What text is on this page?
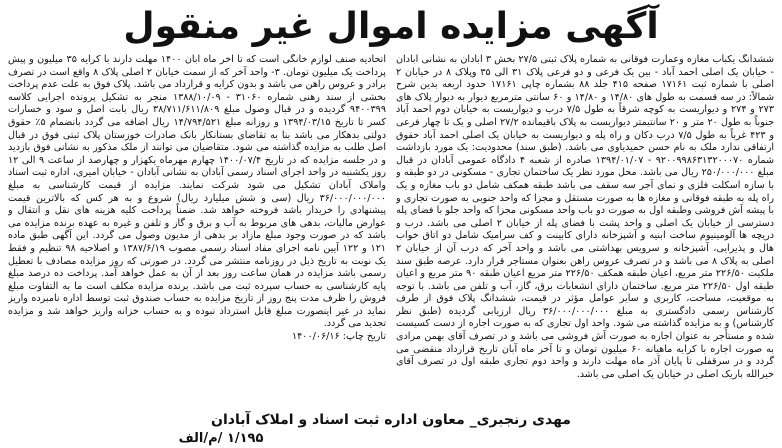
آگهی مزایده اموال غیر منقول

ششدانگ یکباب مغازه وعمارت فوقانی به شماره پلاک ثبتی ۲۷/۵ بخش ۳ آبادان به نشانی آبادان - خیابان یک اصلی احمد آباد - بین یک فرعی و دو فرعی پلاک ۳۱ الی ۳۵ وپلاک ۸ در خیابان ۲ اصلی با شماره ثبت ۱۷۱۶۱ صفحه ۴۱۵ جلد ۸۸ بشماره چاپی ۱۷۱۶۱ حدود اربعه بدین شرح شمالاً: در سه قسمت به طول های ۱۴/۸۰ و ۱۴/۸۰ و ۶۰ سانتی مترمربع دیوار به دیوار پلاک های ۲۷۳ و ۲۷۴ و دیواریست به کوچه شرقاً به طول ۷/۵ درب و دیواریست به خیابان دوم احمد آباد جنوباً به طول ۲۰ متر و ۲۰ سانتیمتر دیواریست به پلاک باقیمانده ۲۷/۲ اصلی و یک تا چهار فرعی و ۴۲۳ غرباً به طول ۷/۵ درب دکان و راه پله و دیواریست به خیابان یک اصلی احمد آباد حقوق ارتفاقی ندارد ملک به نام حسن حمیدیاوی می باشد. (طبق سند) محدودیت: یک مورد بازداشت شماره ۹۲۰۰۹۹۸۶۳۱۳۲۰۰۰۷۰ - ۱۳۹۴/۰۱/۰۷ صادره از شعبه ۴ دادگاه عمومی آبادان در قبال مبلغ ۲۵۰/۰۰۰/۰۰۰ ریال می باشد. محل مورد نظر یک ساختمان تجاری - مسکونی در دو طبقه و با سازه اسکلت فلزی و نمای آجر سه سقف می باشد طبقه همکف شامل دو باب مغازه و یک راه پله به طبقه فوقانی و مغازه ها به صورت مستقل و مجزا که واحد جنوبی به صورت تجاری و با پیشه آش فروشی وطبقه اول به صورت دو باب واحد مسکونی مجزا که واحد جلو با فضای پله دسترسی از خیابان یک اصلی و واحد پشت با فضای پله از خیابان ۲ اصلی می باشد. درب و دریچه ها آلومینیوم ساخت ابنیه و آشپزخانه دارای کابینت و کف سرامیک شامل دو اتاق خواب هال و پذیرایی، آشپزخانه و سرویس بهداشتی می باشد و واحد آخر که درب آن از خیابان ۲ اصلی به پلاک ۸ می باشد و در تصرف عروس راهن بعنوان مستاجر قرار دارد. عرصه طبق سند ملکیت ۲۲۶/۵۰ متر مربع، اعیان طبقه همکف ۲۲۶/۵۰ متر مربع اعیان طبقه ۹۰ متر مربع و اعیان طبقه اول ۲۲۶/۵۰ متر مربع. ساختمان دارای انشعابات برق، گاز، آب و تلفن می باشد. با توجه به موقعیت، مساحت، کاربری و سایر عوامل مؤثر در قیمت، ششدانگ پلاک فوق از طرف کارشناس رسمی دادگستری به مبلغ ۳۶/۰۰۰/۰۰۰/۰۰۰ ریال ارزیابی گردیده (طبق نظر کارشناس) و به مزایده گذاشته می شود. واحد اول تجاری که به صورت اجاره از دست کسیست شده و مستأجر به عنوان اجاره به صورت آش فروشی می باشد و در تصرف آقای بهمن مرادی به صورت اجاره با کرایه ماهیانه ۶۰ میلیون تومان و تا آخر ماه آبان تاریخ قرارداد منقضی می گردد و در سرقفلی تا پایان آذر ماه مهلت دارند و واحد دوم تجاری طبقه اول در تصرف آقای خیرالله باریک اصلی در خیابان یک اصلی می باشد.

اتحادیه صنف لوازم خانگی است که تا آخر ماه آبان ۱۴۰۰ مهلت دارند با کرایه ۳۵ میلیون و پیش پرداخت یک میلیون تومان. ۳- واحد آخر که از سمت خیابان ۲ اصلی پلاک ۸ واقع است در تصرف برادر و عروس راهن می باشد و بدون کرایه و قرارداد می باشد. پلاک فوق به علت عدم پرداخت بخشی از سند رهنی شماره ۳۱۰۶۰ - ۱۳۸۸/۱۰/۰۹ منجر به تشکیل پرونده اجرایی کلاسه ۹۴۰۰۳۹۹ گردیده و در قبال وصول مبلغ ۳۸/۷۱۱/۶۱۱/۸۰۹ ریال بابت اصل و سود و خسارات کسر تا تاریخ ۱۳۹۴/۰۳/۱۵ و روزانه مبلغ ۱۴/۷۹۴/۵۲۱ ریال اضافه می گردد بانضمام ۵٪ حقوق دولتی بدهکار می باشد بنا به تقاضای بستانکار بانک صادرات خوزستان پلاک ثبتی فوق در قبال اصل طلب به مزایده گذاشته می شود. متقاضیان می توانند از ملک مذکور به نشانی فوق بازدید و در جلسه مزایده که در تاریخ ۱۴۰۰/۰۷/۴ چهارم مهرماه یکهزار و چهارصد از ساعت ۹ الی ۱۲ روز یکشنبه در واحد اجرای اسناد رسمی آبادان به نشانی آبادان - خیابان امیری، اداره ثبت اسناد واملاک آبادان تشکیل می شود شرکت نمایند. مزایده از قیمت کارشناسی به مبلغ ۳۶/۰۰۰/۰۰۰/۰۰۰ ریال (سی و شش میلیارد ریال) شروع و به هر کس که بالاترین قیمت پیشنهادی را خریدار باشد فروخته خواهد شد. ضمناً پرداخت کلیه هزینه های نقل و انتقال و عوارض مالیات، بدهی های مربوط به آب و برق و گاز و تلفن و غیره به عهده برنده مزایده می باشد که در صورت وجود مبلغ مازاد بر بدهی از مدیون وصول می گردد. این آگهی طبق ماده ۱۲۱ و ۱۲۲ آیین نامه اجرای مفاد اسناد رسمی مصوب ۱۳۸۷/۶/۱۹ و اصلاحیه ۹۸ تنظیم و فقط یک نوبت به تاریخ ذیل در روزنامه منتشر می گردد. در صورتی که روز مزایده مصادف با تعطیل رسمی باشد مزایده در همان ساعت روز بعد از آن به عمل خواهد آمد. پرداخت ده درصد مبلغ پایه کارشناسی به حساب سپرده ثبت می باشد. برنده مزایده مکلف است ما به التفاوت مبلغ فروش را ظرف مدت پنج روز از تاریخ مزایده به حساب صندوق ثبت توسط اداره نامبرده واریز نماید در غیر اینصورت مبلغ قابل استرداد نبوده و به حساب خزانه واریز خواهد شد و مزایده تجدید می گردد.

تاریخ چاپ: ۱۴۰۰/۰۶/۱۶

مهدی رنجبری_ معاون اداره ثبت اسناد و املاک آبادان
۱/۱۹۵ /م/الف
